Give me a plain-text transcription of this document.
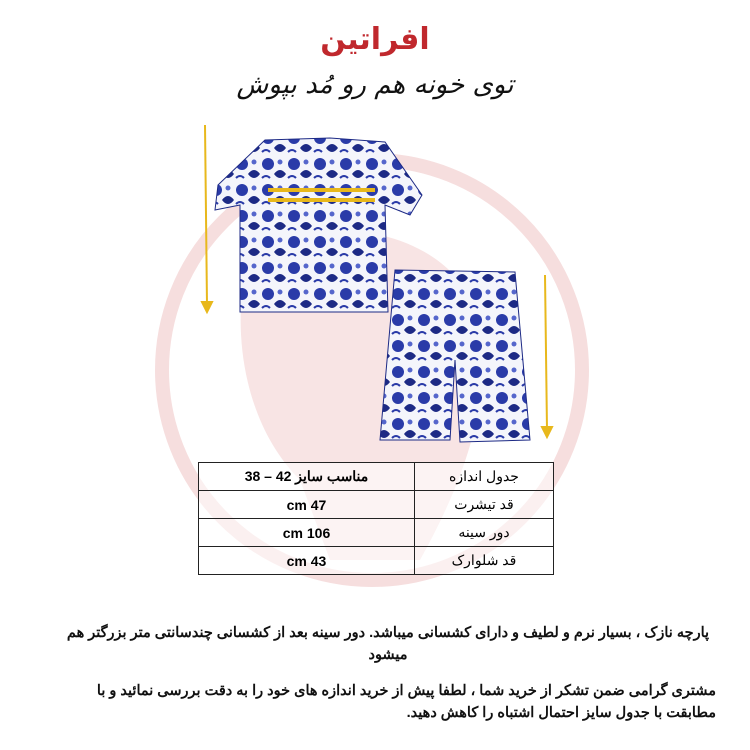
افراتین
توی خونه هم رو مُد بپوش
مناسب سایز 42 – 38	جدول اندازه
47 cm	قد تیشرت
106 cm	دور سینه
43 cm	قد شلوارک
پارچه نازک ، بسیار نرم و لطیف و دارای کشسانی میباشد. دور سینه بعد از کشسانی چندسانتی متر بزرگتر هم میشود
مشتری گرامی ضمن تشکر از خرید شما ، لطفا پیش از خرید اندازه های خود را به دقت بررسی نمائید و با مطابقت با جدول سایز احتمال اشتباه را کاهش دهید.
